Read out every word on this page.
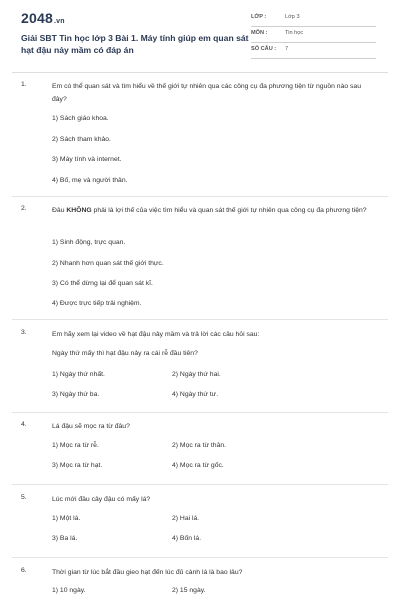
2048.vn
Giải SBT Tin học lớp 3 Bài 1. Máy tính giúp em quan sát hạt đậu nảy mầm có đáp án
LỚP :	Lớp 3
MÔN :	Tin học
SỐ CÂU : 7
1.	Em có thể quan sát và tìm hiểu về thế giới tự nhiên qua các công cụ đa phương tiện từ nguồn nào sau đây?
1) Sách giáo khoa.
2) Sách tham khảo.
3) Máy tính và internet.
4) Bố, mẹ và người thân.
2.	Đâu KHÔNG phải là lợi thế của việc tìm hiểu và quan sát thế giới tự nhiên qua công cụ đa phương tiện?
1) Sinh động, trực quan.
2) Nhanh hơn quan sát thế giới thực.
3) Có thể dừng lại để quan sát kĩ.
4) Được trực tiếp trải nghiệm.
3.	Em hãy xem lại video về hạt đậu nảy mầm và trả lời các câu hỏi sau:
Ngày thứ mấy thì hạt đậu nảy ra cái rễ đầu tiên?
1) Ngày thứ nhất.	2) Ngày thứ hai.
3) Ngày thứ ba.	4) Ngày thứ tư.
4.	Lá đậu sẽ mọc ra từ đâu?
1) Mọc ra từ rễ.	2) Mọc ra từ thân.
3) Mọc ra từ hạt.	4) Mọc ra từ gốc.
5.	Lúc mới đầu cây đậu có mấy lá?
1) Một lá.	2) Hai lá.
3) Ba lá.	4) Bốn lá.
6.	Thời gian từ lúc bắt đầu gieo hạt đến lúc đủ cành lá là bao lâu?
1) 10 ngày.	2) 15 ngày.
